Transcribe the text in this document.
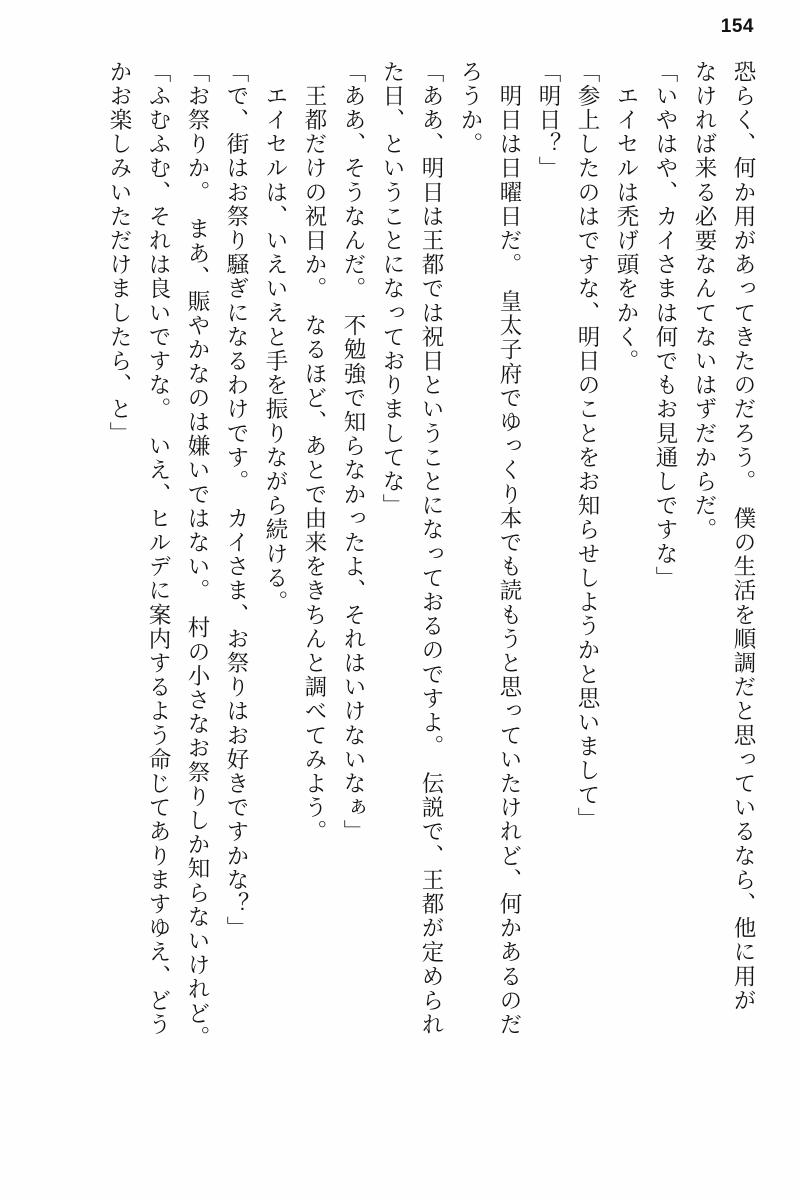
154
恐らく、何か用があってきたのだろう。　僕の生活を順調だと思っているなら、他に用が
なければ来る必要なんてないはずだからだ。
「いやはや、カイさまは何でもお見通しですな」
　エイセルは禿げ頭をかく。
「参上したのはですな、明日のことをお知らせしようかと思いまして」
「明日？」
　明日は日曜日だ。　皇太子府でゆっくり本でも読もうと思っていたけれど、何かあるのだ
ろうか。
「ああ、明日は王都では祝日ということになっておるのですよ。　伝説で、王都が定められ
た日、ということになっておりましてな」
「ああ、そうなんだ。　不勉強で知らなかったよ、それはいけないなぁ」
　王都だけの祝日か。　なるほど、あとで由来をきちんと調べてみよう。
　エイセルは、いえいえと手を振りながら続ける。
「で、街はお祭り騒ぎになるわけです。　カイさま、お祭りはお好きですかな？」
「お祭りか。　まあ、賑やかなのは嫌いではない。　村の小さなお祭りしか知らないけれど。
「ふむふむ、それは良いですな。　いえ、ヒルデに案内するよう命じてありますゆえ、どう
かお楽しみいただけましたら、と」
